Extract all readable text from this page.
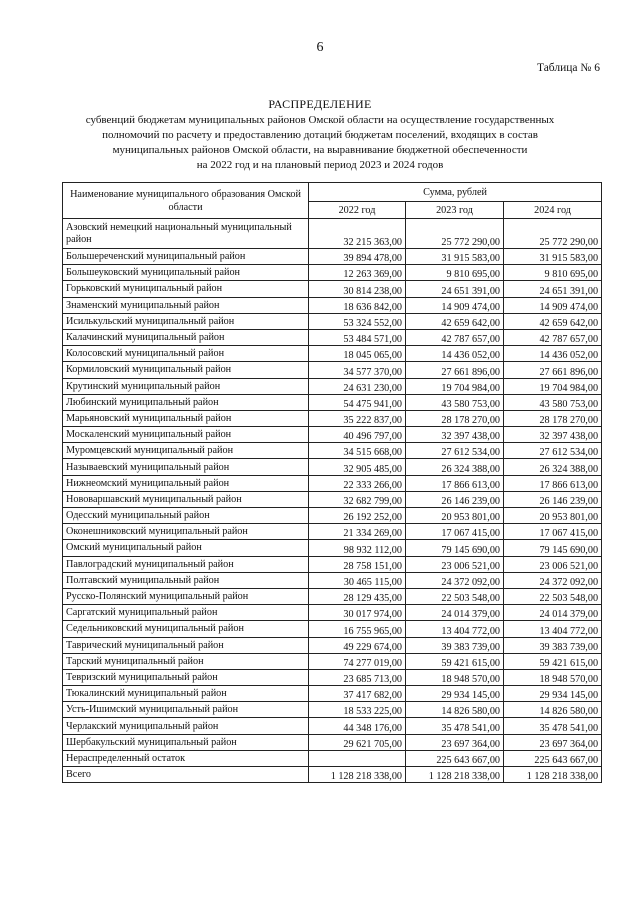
6
Таблица № 6
РАСПРЕДЕЛЕНИЕ
субвенций бюджетам муниципальных районов Омской области на осуществление государственных
полномочий по расчету и предоставлению дотаций бюджетам поселений, входящих в состав
муниципальных районов Омской области, на выравнивание бюджетной обеспеченности
на 2022 год и на плановый период 2023 и 2024 годов
Наименование муниципального образования Омской области	Сумма, рублей		
	2022 год	2023 год	2024 год
Азовский немецкий национальный муниципальный район	32 215 363,00	25 772 290,00	25 772 290,00
Большереченский муниципальный район	39 894 478,00	31 915 583,00	31 915 583,00
Большеуковский муниципальный район	12 263 369,00	9 810 695,00	9 810 695,00
Горьковский муниципальный район	30 814 238,00	24 651 391,00	24 651 391,00
Знаменский муниципальный район	18 636 842,00	14 909 474,00	14 909 474,00
Исилькульский муниципальный район	53 324 552,00	42 659 642,00	42 659 642,00
Калачинский муниципальный район	53 484 571,00	42 787 657,00	42 787 657,00
Колосовский муниципальный район	18 045 065,00	14 436 052,00	14 436 052,00
Кормиловский муниципальный район	34 577 370,00	27 661 896,00	27 661 896,00
Крутинский муниципальный район	24 631 230,00	19 704 984,00	19 704 984,00
Любинский муниципальный район	54 475 941,00	43 580 753,00	43 580 753,00
Марьяновский муниципальный район	35 222 837,00	28 178 270,00	28 178 270,00
Москаленский муниципальный район	40 496 797,00	32 397 438,00	32 397 438,00
Муромцевский муниципальный район	34 515 668,00	27 612 534,00	27 612 534,00
Называевский муниципальный район	32 905 485,00	26 324 388,00	26 324 388,00
Нижнеомский муниципальный район	22 333 266,00	17 866 613,00	17 866 613,00
Нововаршавский муниципальный район	32 682 799,00	26 146 239,00	26 146 239,00
Одесский муниципальный район	26 192 252,00	20 953 801,00	20 953 801,00
Оконешниковский муниципальный район	21 334 269,00	17 067 415,00	17 067 415,00
Омский муниципальный район	98 932 112,00	79 145 690,00	79 145 690,00
Павлоградский муниципальный район	28 758 151,00	23 006 521,00	23 006 521,00
Полтавский муниципальный район	30 465 115,00	24 372 092,00	24 372 092,00
Русско-Полянский муниципальный район	28 129 435,00	22 503 548,00	22 503 548,00
Саргатский муниципальный район	30 017 974,00	24 014 379,00	24 014 379,00
Седельниковский муниципальный район	16 755 965,00	13 404 772,00	13 404 772,00
Таврический муниципальный район	49 229 674,00	39 383 739,00	39 383 739,00
Тарский муниципальный район	74 277 019,00	59 421 615,00	59 421 615,00
Тевризский муниципальный район	23 685 713,00	18 948 570,00	18 948 570,00
Тюкалинский муниципальный район	37 417 682,00	29 934 145,00	29 934 145,00
Усть-Ишимский муниципальный район	18 533 225,00	14 826 580,00	14 826 580,00
Черлакский муниципальный район	44 348 176,00	35 478 541,00	35 478 541,00
Шербакульский муниципальный район	29 621 705,00	23 697 364,00	23 697 364,00
Нераспределенный остаток		225 643 667,00	225 643 667,00
Всего	1 128 218 338,00	1 128 218 338,00	1 128 218 338,00
